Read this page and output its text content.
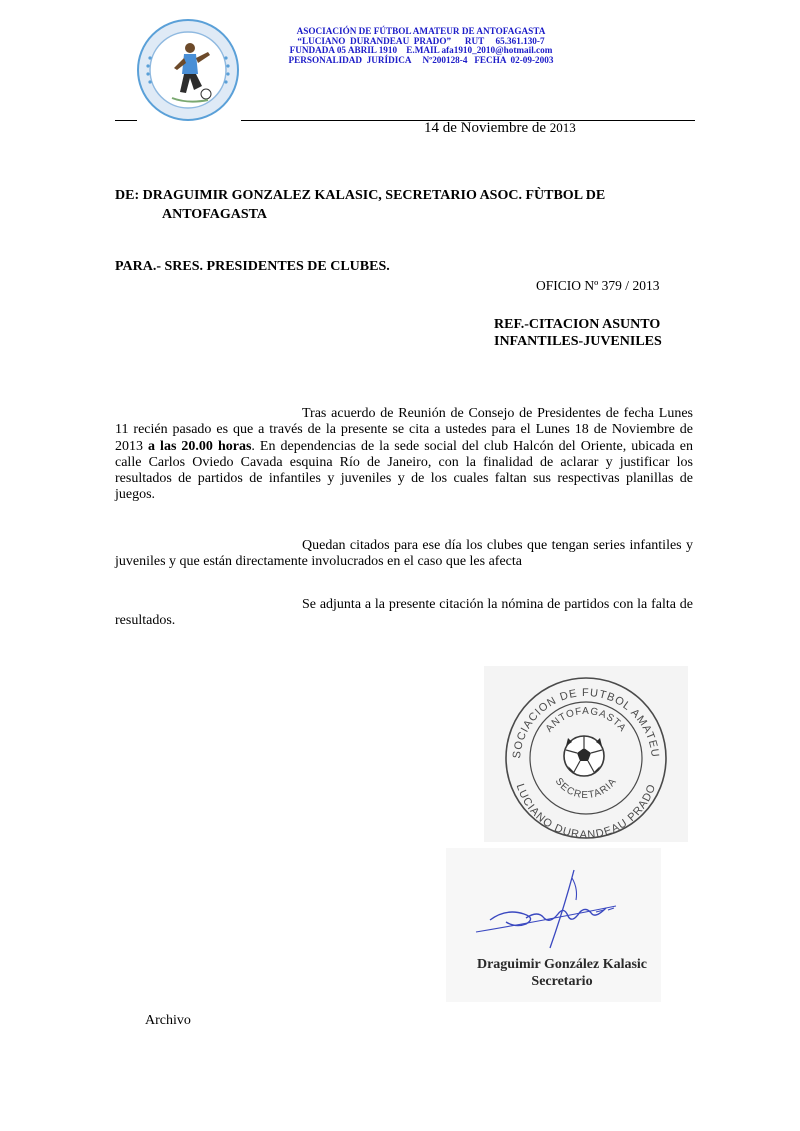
ASOCIACIÓN DE FÚTBOL AMATEUR DE ANTOFAGASTA
“LUCIANO  DURANDEAU  PRADO”      RUT     65.361.130-7
FUNDADA 05 ABRIL 1910    E.MAIL afa1910_2010@hotmail.com
PERSONALIDAD  JURÍDICA     Nº200128-4   FECHA  02-09-2003
14 de Noviembre de 2013
DE: DRAGUIMIR GONZALEZ KALASIC, SECRETARIO ASOC. FÙTBOL DE
ANTOFAGASTA
PARA.- SRES. PRESIDENTES DE CLUBES.
OFICIO Nº 379 / 2013
REF.-CITACION ASUNTO
INFANTILES-JUVENILES
Tras acuerdo de Reunión de Consejo de Presidentes de fecha Lunes 11 recién pasado es que a través de la presente se cita a ustedes para el Lunes 18 de Noviembre de 2013 a las 20.00 horas. En dependencias de la sede social del club Halcón del Oriente, ubicada en calle Carlos Oviedo Cavada esquina Río de Janeiro, con la finalidad de aclarar y justificar los resultados de partidos de infantiles y juveniles y de los cuales faltan sus respectivas planillas de juegos.
Quedan citados para ese día los clubes que tengan series infantiles y juveniles y que están directamente involucrados en el caso que les afecta
Se adjunta a la presente citación la nómina de partidos con la falta de resultados.
SOCIACION DE FUTBOL AMATEU
LUCIANO DURANDEAU PRADO
ANTOFAGASTA
SECRETARIA
Draguimir González Kalasic
Secretario
Archivo
